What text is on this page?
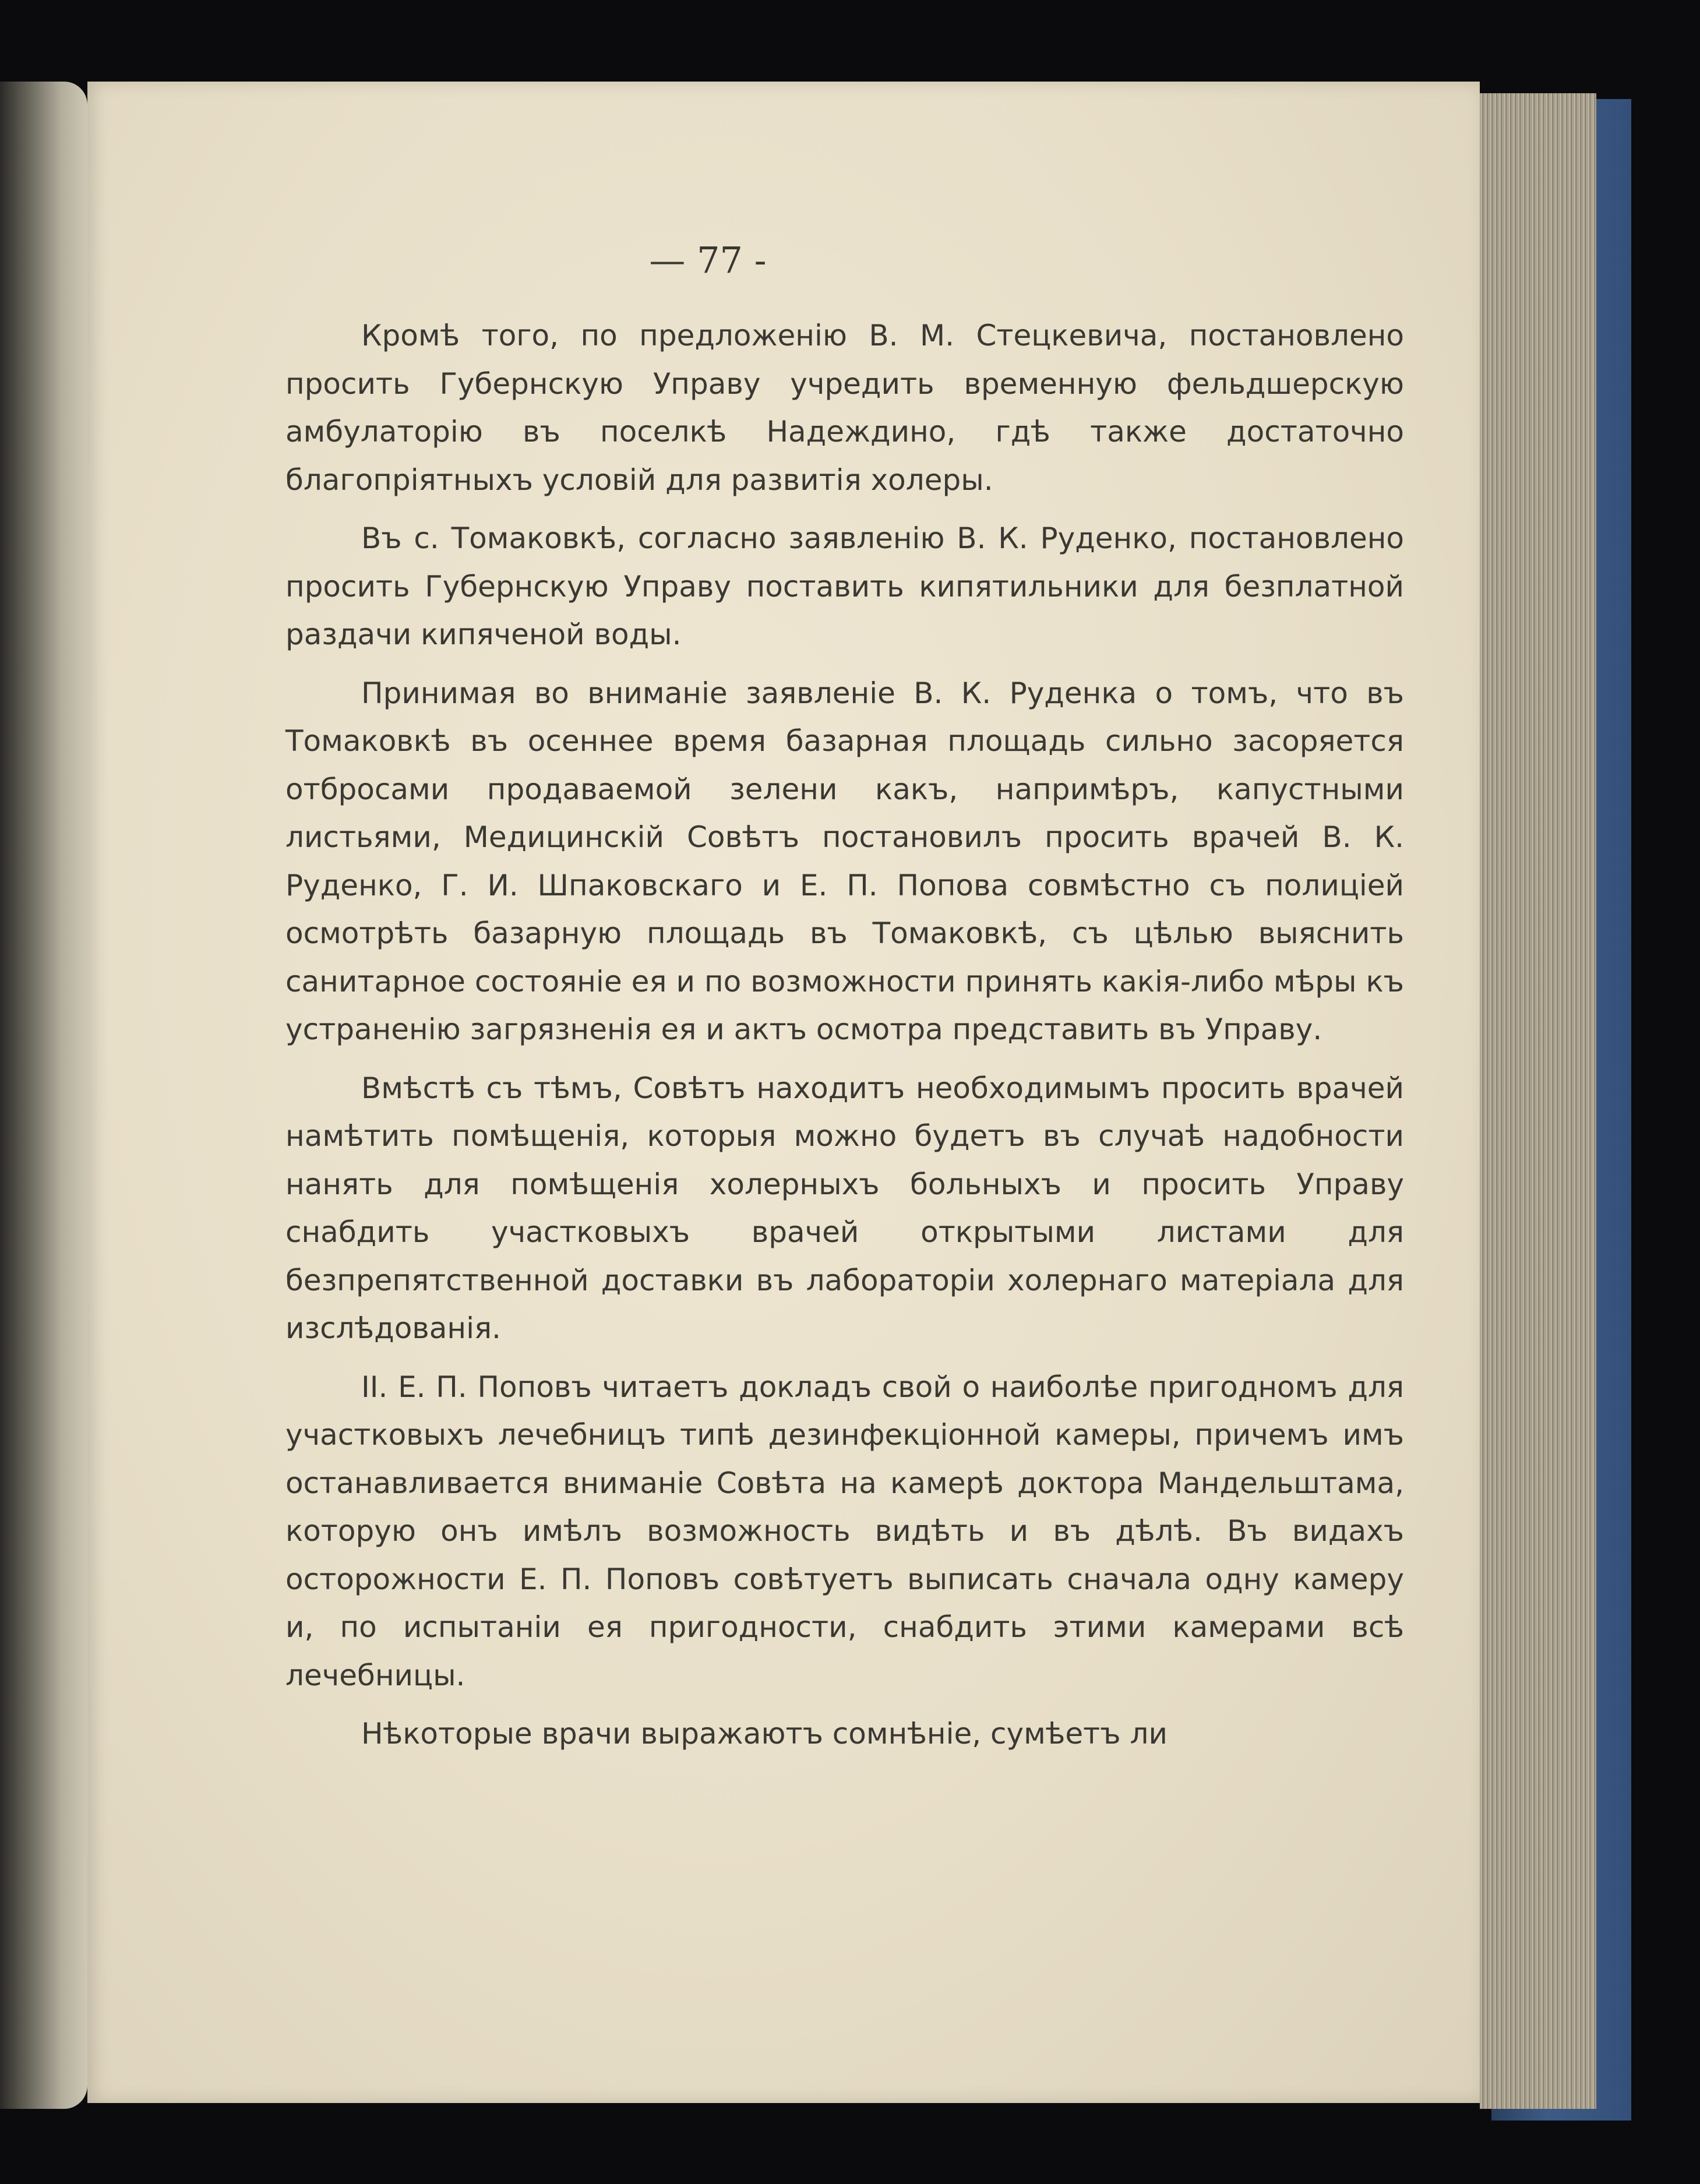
— 77 -

Кромѣ того, по предложенію В. М. Стецкевича, постановлено просить Губернскую Управу учредить временную фельдшерскую амбулаторію въ поселкѣ Надеждино, гдѣ также достаточно благопріятныхъ условій для развитія холеры.

Въ с. Томаковкѣ, согласно заявленію В. К. Руденко, постановлено просить Губернскую Управу поставить кипятильники для безплатной раздачи кипяченой воды.

Принимая во вниманіе заявленіе В. К. Руденка о томъ, что въ Томаковкѣ въ осеннее время базарная площадь сильно засоряется отбросами продаваемой зелени какъ, напримѣръ, капустными листьями, Медицинскій Совѣтъ постановилъ просить врачей В. К. Руденко, Г. И. Шпаковскаго и Е. П. Попова совмѣстно съ полиціей осмотрѣть базарную площадь въ Томаковкѣ, съ цѣлью выяснить санитарное состояніе ея и по возможности принять какія-либо мѣры къ устраненію загрязненія ея и актъ осмотра представить въ Управу.

Вмѣстѣ съ тѣмъ, Совѣтъ находитъ необходимымъ просить врачей намѣтить помѣщенія, которыя можно будетъ въ случаѣ надобности нанять для помѣщенія холерныхъ больныхъ и просить Управу снабдить участковыхъ врачей открытыми листами для безпрепятственной доставки въ лабораторіи холернаго матеріала для изслѣдованія.

II. Е. П. Поповъ читаетъ докладъ свой о наиболѣе пригодномъ для участковыхъ лечебницъ типѣ дезинфекціонной камеры, причемъ имъ останавливается вниманіе Совѣта на камерѣ доктора Мандельштама, которую онъ имѣлъ возможность видѣть и въ дѣлѣ. Въ видахъ осторожности Е. П. Поповъ совѣтуетъ выписать сначала одну камеру и, по испытаніи ея пригодности, снабдить этими камерами всѣ лечебницы.

Нѣкоторые врачи выражаютъ сомнѣніе, сумѣетъ ли
